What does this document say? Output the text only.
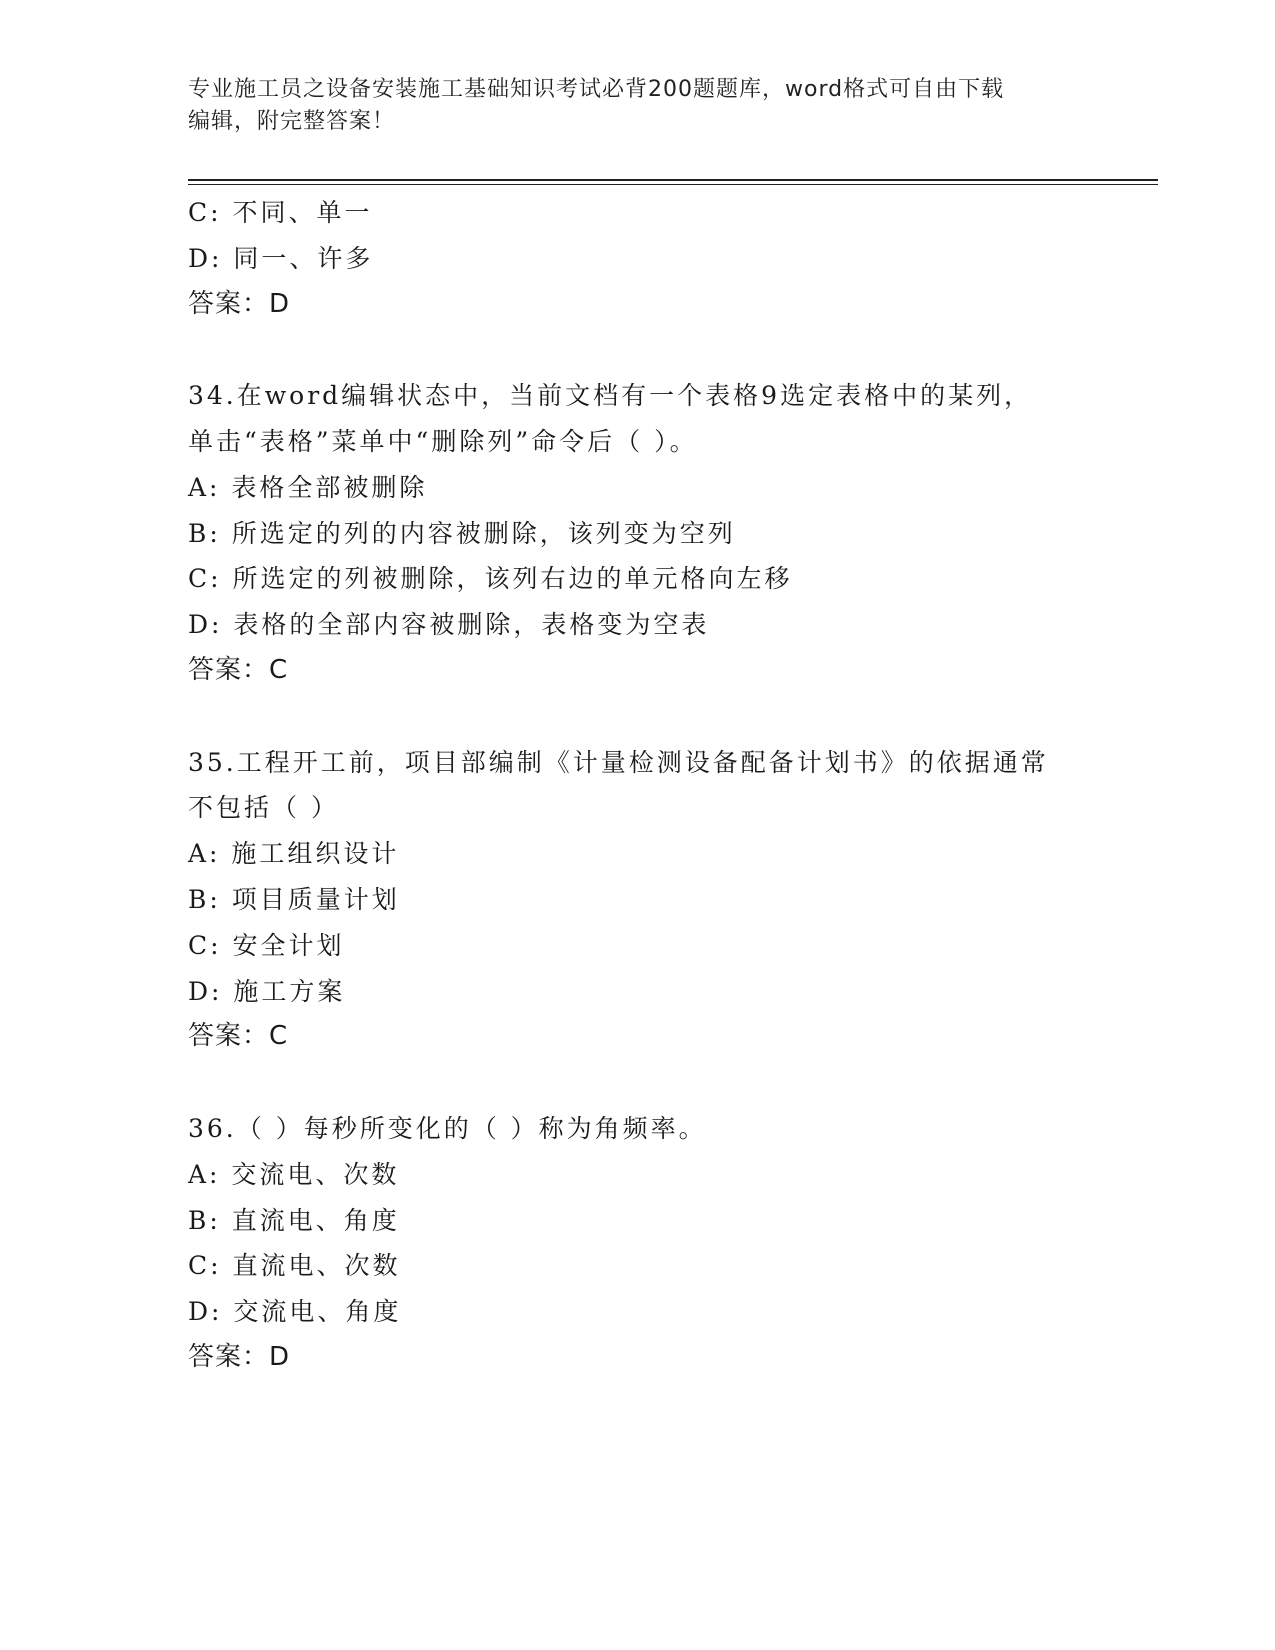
专业施工员之设备安装施工基础知识考试必背200题题库，word格式可自由下载
编辑，附完整答案！
C: 不同、单一
D: 同一、许多
答案：D
34.在word编辑状态中，当前文档有一个表格9选定表格中的某列，
单击“表格”菜单中“删除列”命令后（ ）。
A: 表格全部被删除
B: 所选定的列的内容被删除，该列变为空列
C: 所选定的列被删除，该列右边的单元格向左移
D: 表格的全部内容被删除，表格变为空表
答案：C
35.工程开工前，项目部编制《计量检测设备配备计划书》的依据通常
不包括（ ）
A: 施工组织设计
B: 项目质量计划
C: 安全计划
D: 施工方案
答案：C
36.（ ）每秒所变化的（ ）称为角频率。
A: 交流电、次数
B: 直流电、角度
C: 直流电、次数
D: 交流电、角度
答案：D
